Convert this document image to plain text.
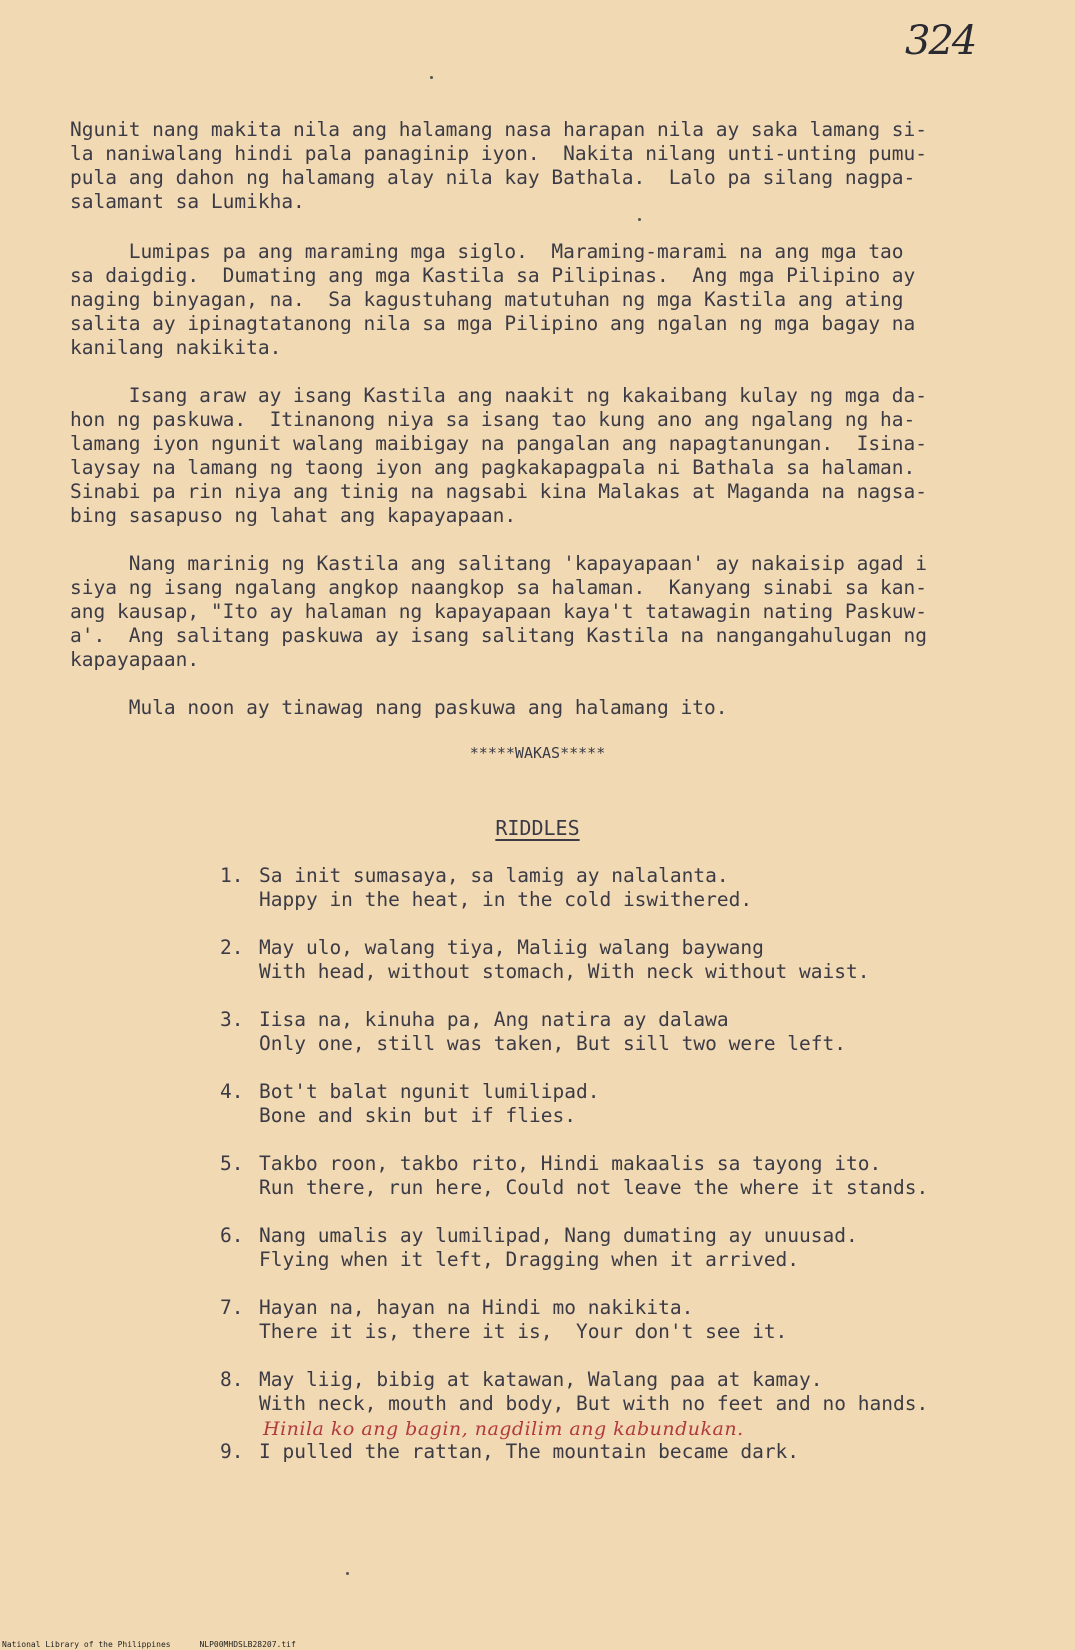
324
Ngunit nang makita nila ang halamang nasa harapan nila ay saka lamang si-
la naniwalang hindi pala panaginip iyon.  Nakita nilang unti-unting pumu-
pula ang dahon ng halamang alay nila kay Bathala.  Lalo pa silang nagpa-
salamant sa Lumikha.
Lumipas pa ang maraming mga siglo.  Maraming-marami na ang mga tao
sa daigdig.  Dumating ang mga Kastila sa Pilipinas.  Ang mga Pilipino ay
naging binyagan, na.  Sa kagustuhang matutuhan ng mga Kastila ang ating
salita ay ipinagtatanong nila sa mga Pilipino ang ngalan ng mga bagay na
kanilang nakikita.
Isang araw ay isang Kastila ang naakit ng kakaibang kulay ng mga da-
hon ng paskuwa.  Itinanong niya sa isang tao kung ano ang ngalang ng ha-
lamang iyon ngunit walang maibigay na pangalan ang napagtanungan.  Isina-
laysay na lamang ng taong iyon ang pagkakapagpala ni Bathala sa halaman.
Sinabi pa rin niya ang tinig na nagsabi kina Malakas at Maganda na nagsa-
bing sasapuso ng lahat ang kapayapaan.
Nang marinig ng Kastila ang salitang 'kapayapaan' ay nakaisip agad i
siya ng isang ngalang angkop naangkop sa halaman.  Kanyang sinabi sa kan-
ang kausap, "Ito ay halaman ng kapayapaan kaya't tatawagin nating Paskuw-
a'.  Ang salitang paskuwa ay isang salitang Kastila na nangangahulugan ng
kapayapaan.
Mula noon ay tinawag nang paskuwa ang halamang ito.
*****WAKAS*****
RIDDLES
1. Sa init sumasaya, sa lamig ay nalalanta.
Happy in the heat, in the cold iswithered.
2. May ulo, walang tiya, Maliig walang baywang
With head, without stomach, With neck without waist.
3. Iisa na, kinuha pa, Ang natira ay dalawa
Only one, still was taken, But sill two were left.
4. Bot't balat ngunit lumilipad.
Bone and skin but if flies.
5. Takbo roon, takbo rito, Hindi makaalis sa tayong ito.
Run there, run here, Could not leave the where it stands.
6. Nang umalis ay lumilipad, Nang dumating ay unuusad.
Flying when it left, Dragging when it arrived.
7. Hayan na, hayan na Hindi mo nakikita.
There it is, there it is,  Your don't see it.
8. May liig, bibig at katawan, Walang paa at kamay.
With neck, mouth and body, But with no feet and no hands.
Hinila ko ang bagin, nagdilim ang kabundukan.
9. I pulled the rattan, The mountain became dark.
National Library of the Philippines      NLP00MHDSLB28207.tif
